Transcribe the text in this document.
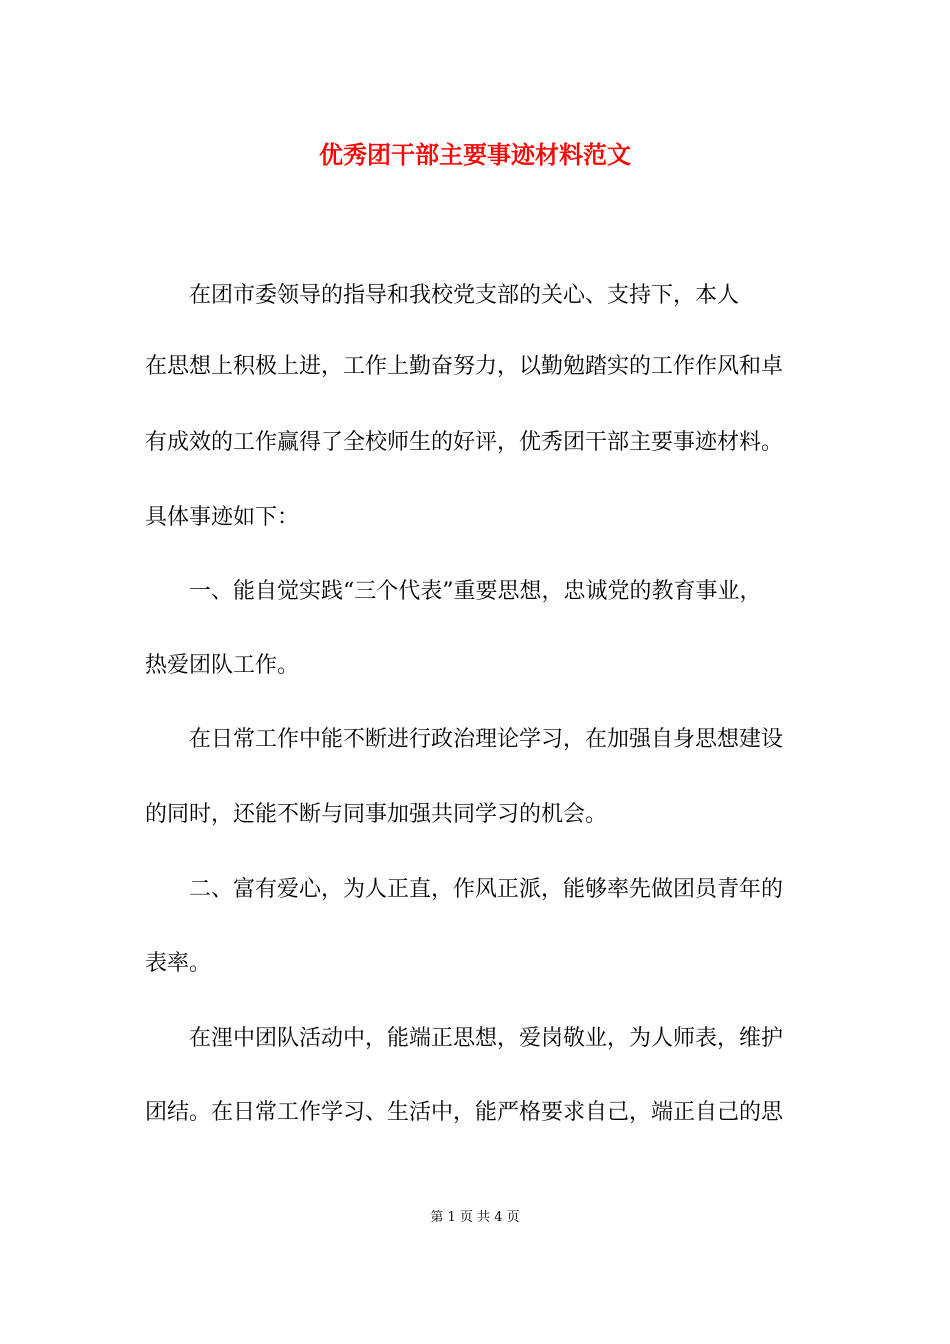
优秀团干部主要事迹材料范文
　　在团市委领导的指导和我校党支部的关心、支持下，本人
在思想上积极上进，工作上勤奋努力，以勤勉踏实的工作作风和卓
有成效的工作赢得了全校师生的好评，优秀团干部主要事迹材料。
具体事迹如下：
　　一、能自觉实践“三个代表”重要思想，忠诚党的教育事业，
热爱团队工作。
　　在日常工作中能不断进行政治理论学习，在加强自身思想建设
的同时，还能不断与同事加强共同学习的机会。
　　二、富有爱心，为人正直，作风正派，能够率先做团员青年的
表率。
　　在浬中团队活动中，能端正思想，爱岗敬业，为人师表，维护
团结。在日常工作学习、生活中，能严格要求自己，端正自己的思
第 1 页 共 4 页
